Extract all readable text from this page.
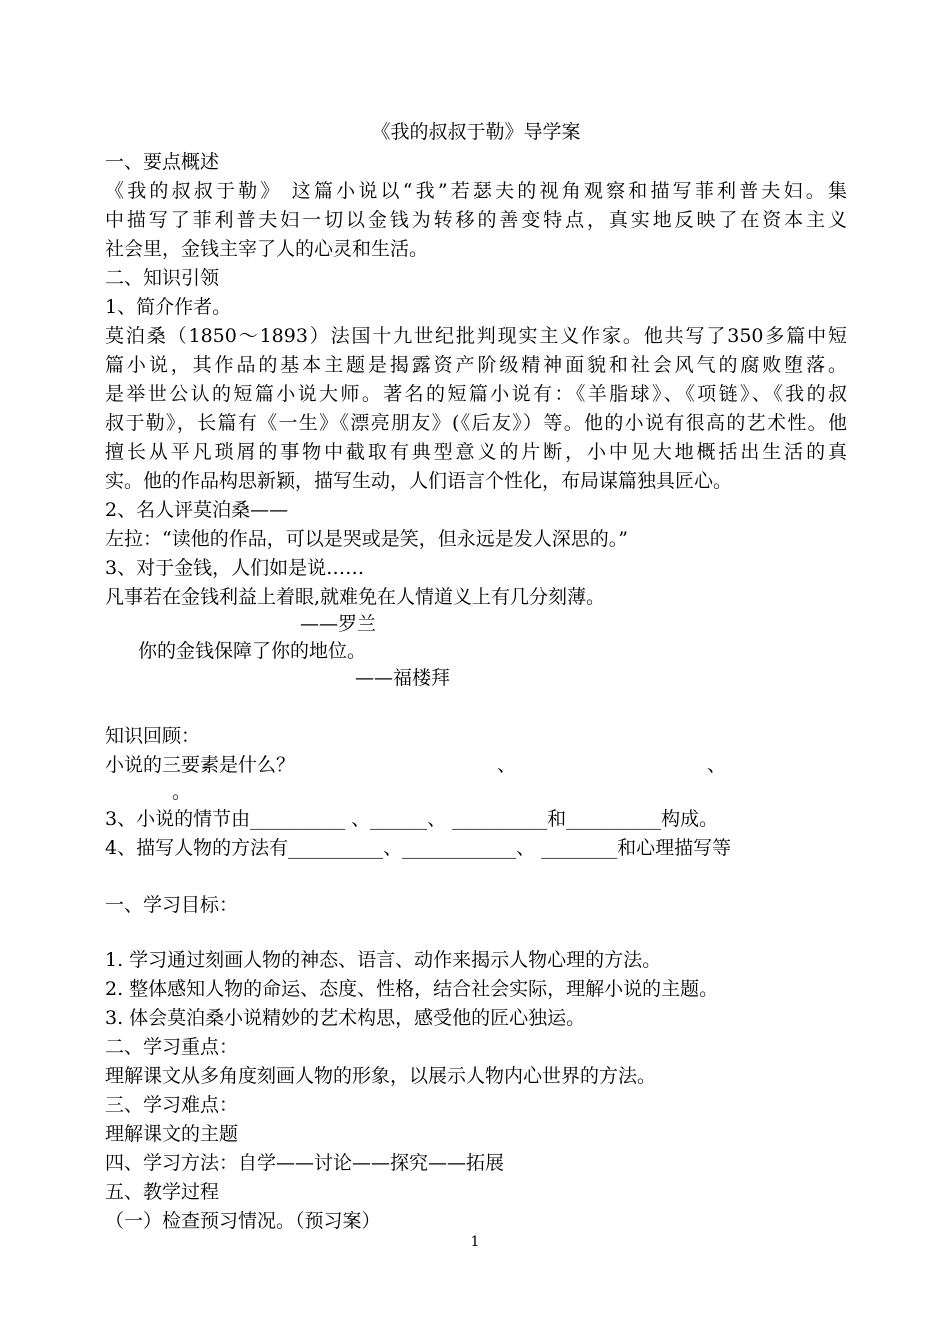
《我的叔叔于勒》导学案
一、要点概述
《我的叔叔于勒》 这篇小说以“我”若瑟夫的视角观察和描写菲利普夫妇。集
中描写了菲利普夫妇一切以金钱为转移的善变特点，真实地反映了在资本主义
社会里，金钱主宰了人的心灵和生活。
二、知识引领
1、简介作者。
莫泊桑（1850～1893）法国十九世纪批判现实主义作家。他共写了350多篇中短
篇小说，其作品的基本主题是揭露资产阶级精神面貌和社会风气的腐败堕落。
是举世公认的短篇小说大师。著名的短篇小说有：《羊脂球》、《项链》、《我的叔
叔于勒》，长篇有《一生》《漂亮朋友》(《后友》）等。他的小说有很高的艺术性。他
擅长从平凡琐屑的事物中截取有典型意义的片断，小中见大地概括出生活的真
实。他的作品构思新颖，描写生动，人们语言个性化，布局谋篇独具匠心。
2、名人评莫泊桑——
左拉：“读他的作品，可以是哭或是笑，但永远是发人深思的。”
3、对于金钱，人们如是说……
凡事若在金钱利益上着眼,就难免在人情道义上有几分刻薄。
——罗兰
你的金钱保障了你的地位。
——福楼拜
知识回顾：
小说的三要素是什么？	、	、
。
3、小说的情节由__________ 、______、 __________和__________构成。
4、描写人物的方法有__________、____________、 ________和心理描写等
一、学习目标：
1. 学习通过刻画人物的神态、语言、动作来揭示人物心理的方法。
2. 整体感知人物的命运、态度、性格，结合社会实际，理解小说的主题。
3. 体会莫泊桑小说精妙的艺术构思，感受他的匠心独运。
二、学习重点：
理解课文从多角度刻画人物的形象，以展示人物内心世界的方法。
三、学习难点：
理解课文的主题
四、学习方法：自学——讨论——探究——拓展
五、教学过程
（一）检查预习情况。（预习案）
1
